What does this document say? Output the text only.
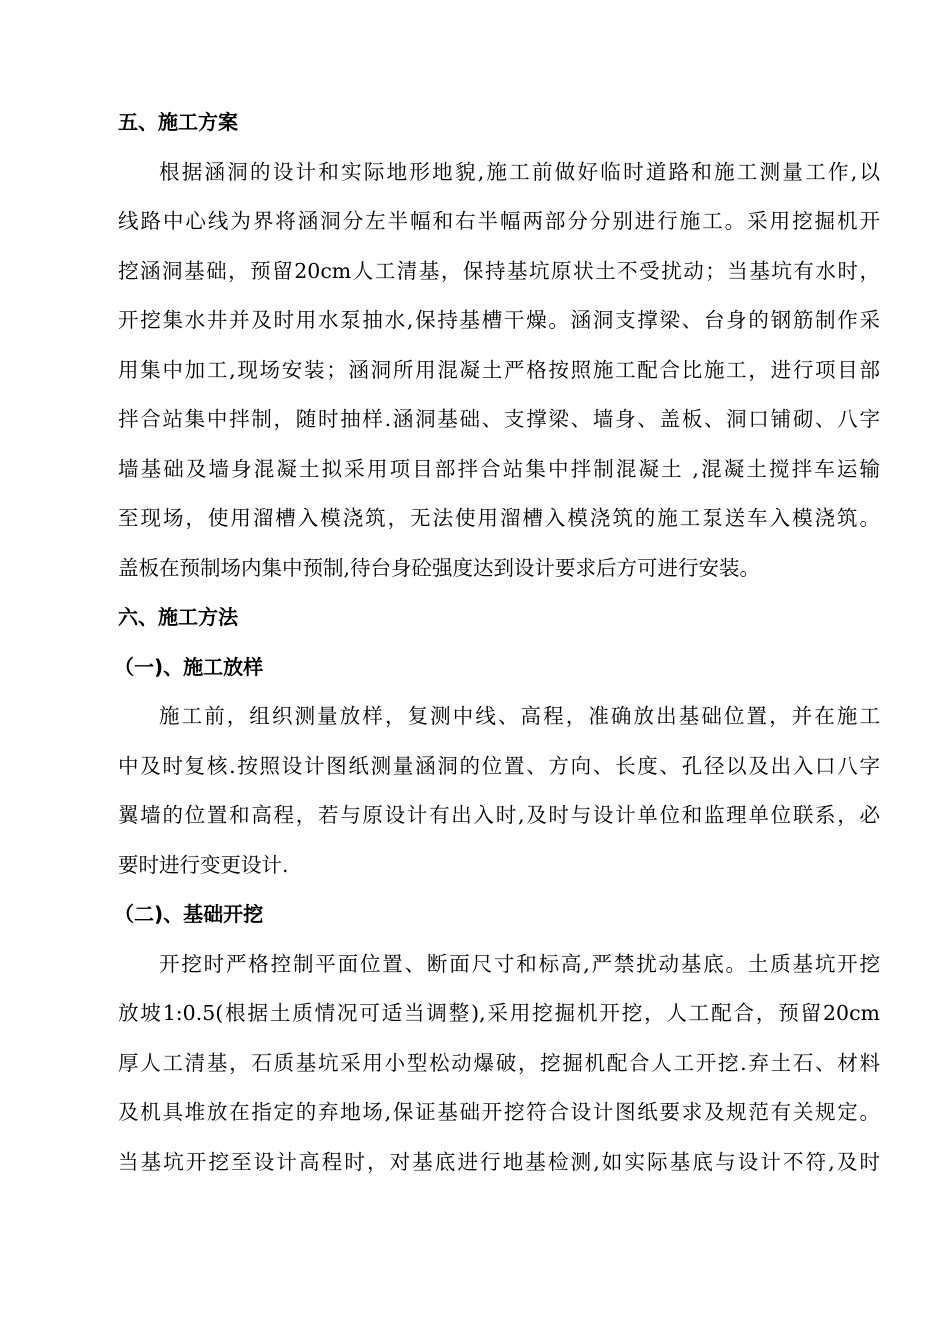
五、施工方案
根据涵洞的设计和实际地形地貌,施工前做好临时道路和施工测量工作,以
线路中心线为界将涵洞分左半幅和右半幅两部分分别进行施工。采用挖掘机开
挖涵洞基础，预留20cm人工清基，保持基坑原状土不受扰动；当基坑有水时，
开挖集水井并及时用水泵抽水,保持基槽干燥。涵洞支撑梁、台身的钢筋制作采
用集中加工,现场安装；涵洞所用混凝土严格按照施工配合比施工，进行项目部
拌合站集中拌制，随时抽样.涵洞基础、支撑梁、墙身、盖板、洞口铺砌、八字
墙基础及墙身混凝土拟采用项目部拌合站集中拌制混凝土 ,混凝土搅拌车运输
至现场，使用溜槽入模浇筑，无法使用溜槽入模浇筑的施工泵送车入模浇筑。
盖板在预制场内集中预制,待台身砼强度达到设计要求后方可进行安装。
六、施工方法
（一)、施工放样
施工前，组织测量放样，复测中线、高程，准确放出基础位置，并在施工
中及时复核.按照设计图纸测量涵洞的位置、方向、长度、孔径以及出入口八字
翼墙的位置和高程，若与原设计有出入时,及时与设计单位和监理单位联系，必
要时进行变更设计.
（二)、基础开挖
开挖时严格控制平面位置、断面尺寸和标高,严禁扰动基底。土质基坑开挖
放坡1:0.5(根据土质情况可适当调整),采用挖掘机开挖，人工配合，预留20cm
厚人工清基，石质基坑采用小型松动爆破，挖掘机配合人工开挖.弃土石、材料
及机具堆放在指定的弃地场,保证基础开挖符合设计图纸要求及规范有关规定。
当基坑开挖至设计高程时，对基底进行地基检测,如实际基底与设计不符,及时
